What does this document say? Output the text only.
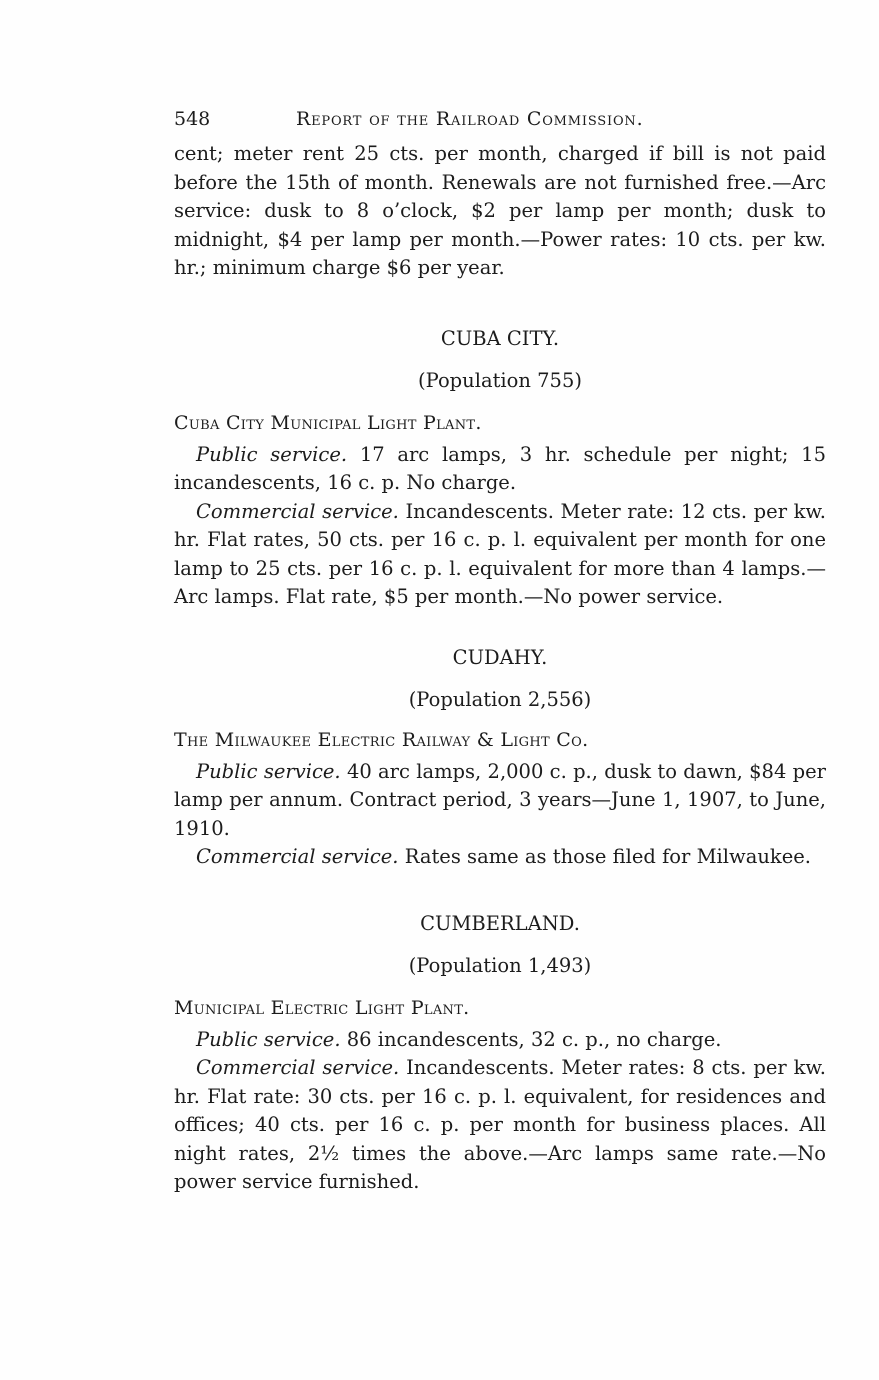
548	Report of the Railroad Commission.

cent; meter rent 25 cts. per month, charged if bill is not paid before the 15th of month. Renewals are not furnished free.—Arc service: dusk to 8 o’clock, $2 per lamp per month; dusk to midnight, $4 per lamp per month.—Power rates: 10 cts. per kw. hr.; minimum charge $6 per year.

CUBA CITY.

(Population 755)

Cuba City Municipal Light Plant.

Public service. 17 arc lamps, 3 hr. schedule per night; 15 incandescents, 16 c. p. No charge.

Commercial service. Incandescents. Meter rate: 12 cts. per kw. hr. Flat rates, 50 cts. per 16 c. p. l. equivalent per month for one lamp to 25 cts. per 16 c. p. l. equivalent for more than 4 lamps.—Arc lamps. Flat rate, $5 per month.—No power service.

CUDAHY.

(Population 2,556)

The Milwaukee Electric Railway & Light Co.

Public service. 40 arc lamps, 2,000 c. p., dusk to dawn, $84 per lamp per annum. Contract period, 3 years—June 1, 1907, to June, 1910.

Commercial service. Rates same as those filed for Milwaukee.

CUMBERLAND.

(Population 1,493)

Municipal Electric Light Plant.

Public service. 86 incandescents, 32 c. p., no charge.

Commercial service. Incandescents. Meter rates: 8 cts. per kw. hr. Flat rate: 30 cts. per 16 c. p. l. equivalent, for residences and offices; 40 cts. per 16 c. p. per month for business places. All night rates, 2½ times the above.—Arc lamps same rate.—No power service furnished.
